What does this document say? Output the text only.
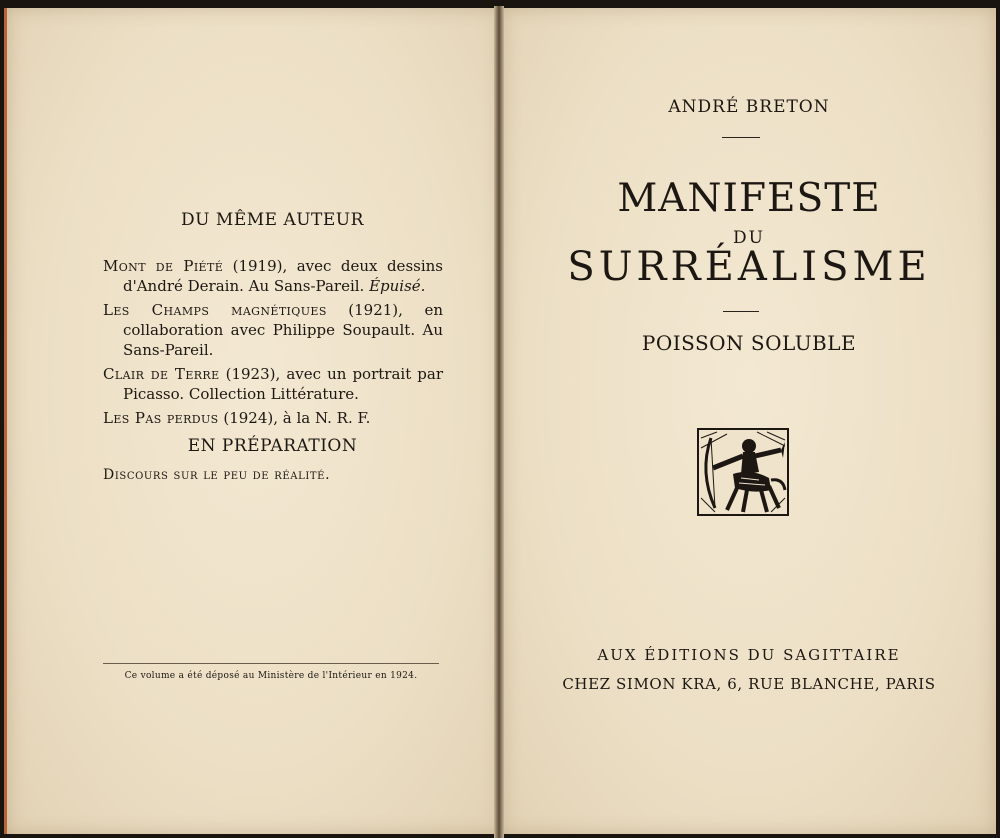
DU MÊME AUTEUR
Mont de Piété (1919), avec deux dessins d'André Derain. Au Sans-Pareil. Épuisé.
Les Champs magnétiques (1921), en collaboration avec Philippe Soupault. Au Sans-Pareil.
Clair de Terre (1923), avec un portrait par Picasso. Collection Littérature.
Les Pas perdus (1924), à la N. R. F.
EN PRÉPARATION
Discours sur le peu de réalité.
Ce volume a été déposé au Ministère de l'Intérieur en 1924.
ANDRÉ BRETON
MANIFESTE
DU
SURRÉALISME
POISSON SOLUBLE
AUX ÉDITIONS DU SAGITTAIRE
CHEZ SIMON KRA, 6, RUE BLANCHE, PARIS
